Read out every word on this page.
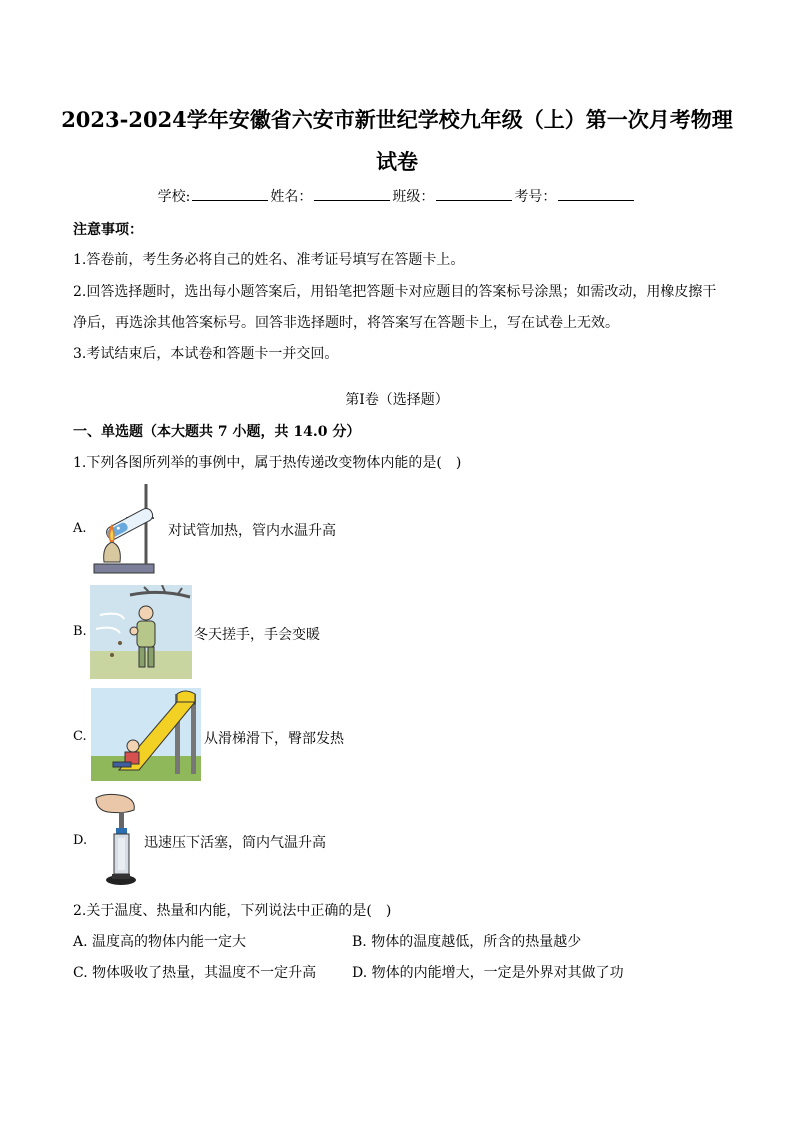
2023-2024学年安徽省六安市新世纪学校九年级（上）第一次月考物理
试卷
学校:	姓名：	班级：	考号：
注意事项：
1.答卷前，考生务必将自己的姓名、准考证号填写在答题卡上。
2.回答选择题时，选出每小题答案后，用铅笔把答题卡对应题目的答案标号涂黑；如需改动，用橡皮擦干
净后，再选涂其他答案标号。回答非选择题时，将答案写在答题卡上，写在试卷上无效。
3.考试结束后，本试卷和答题卡一并交回。
第I卷（选择题）
一、单选题（本大题共 7 小题，共 14.0 分）
1.下列各图所列举的事例中，属于热传递改变物体内能的是(　)
A.	对试管加热，管内水温升高
B.	冬天搓手，手会变暖
C.	从滑梯滑下，臀部发热
D.	迅速压下活塞，筒内气温升高
2.关于温度、热量和内能，下列说法中正确的是(　)
A. 温度高的物体内能一定大	B. 物体的温度越低，所含的热量越少
C. 物体吸收了热量，其温度不一定升高	D. 物体的内能增大，一定是外界对其做了功
